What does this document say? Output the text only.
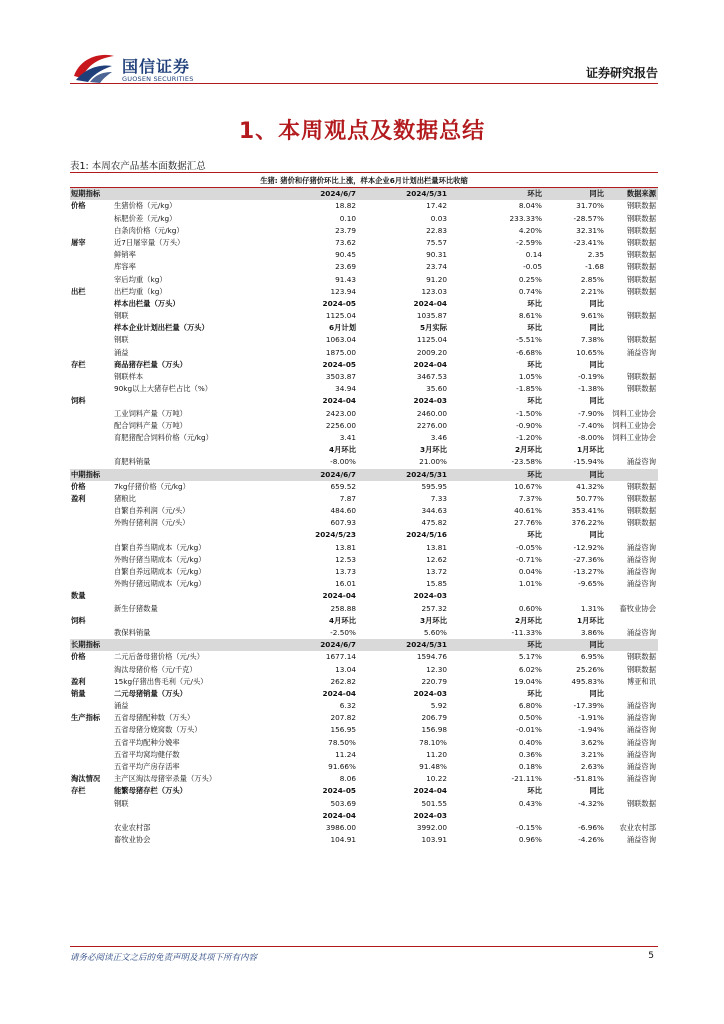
国信证券
GUOSEN SECURITIES	证券研究报告
1、本周观点及数据总结
表1: 本周农产品基本面数据汇总
生猪: 猪价和仔猪价环比上涨，样本企业6月计划出栏量环比收缩
短期指标	2024/6/7	2024/5/31	环比	同比	数据来源
价格	生猪价格（元/kg）	18.82	17.42	8.04%	31.70%	钢联数据
标肥价差（元/kg）	0.10	0.03	233.33%	-28.57%	钢联数据
白条肉价格（元/kg）	23.79	22.83	4.20%	32.31%	钢联数据
屠宰	近7日屠宰量（万头）	73.62	75.57	-2.59%	-23.41%	钢联数据
鲜销率	90.45	90.31	0.14	2.35	钢联数据
库容率	23.69	23.74	-0.05	-1.68	钢联数据
宰后均重（kg）	91.43	91.20	0.25%	2.85%	钢联数据
出栏	出栏均重（kg）	123.94	123.03	0.74%	2.21%	钢联数据
样本出栏量（万头）	2024-05	2024-04	环比	同比
钢联	1125.04	1035.87	8.61%	9.61%	钢联数据
样本企业计划出栏量（万头）	6月计划	5月实际	环比	同比
钢联	1063.04	1125.04	-5.51%	7.38%	钢联数据
涌益	1875.00	2009.20	-6.68%	10.65%	涌益咨询
存栏	商品猪存栏量（万头）	2024-05	2024-04	环比	同比
钢联样本	3503.87	3467.53	1.05%	-0.19%	钢联数据
90kg以上大猪存栏占比（%）	34.94	35.60	-1.85%	-1.38%	钢联数据
饲料	2024-04	2024-03	环比	同比
工业饲料产量（万吨）	2423.00	2460.00	-1.50%	-7.90%	饲料工业协会
配合饲料产量（万吨）	2256.00	2276.00	-0.90%	-7.40%	饲料工业协会
育肥猪配合饲料价格（元/kg）	3.41	3.46	-1.20%	-8.00%	饲料工业协会
4月环比	3月环比	2月环比	1月环比
育肥料销量	-8.00%	21.00%	-23.58%	-15.94%	涌益咨询
中期指标	2024/6/7	2024/5/31	环比	同比
价格	7kg仔猪价格（元/kg）	659.52	595.95	10.67%	41.32%	钢联数据
盈利	猪粮比	7.87	7.33	7.37%	50.77%	钢联数据
自繁自养利润（元/头）	484.60	344.63	40.61%	353.41%	钢联数据
外购仔猪利润（元/头）	607.93	475.82	27.76%	376.22%	钢联数据
2024/5/23	2024/5/16	环比	同比
自繁自养当期成本（元/kg）	13.81	13.81	-0.05%	-12.92%	涌益咨询
外购仔猪当期成本（元/kg）	12.53	12.62	-0.71%	-27.36%	涌益咨询
自繁自养远期成本（元/kg）	13.73	13.72	0.04%	-13.27%	涌益咨询
外购仔猪远期成本（元/kg）	16.01	15.85	1.01%	-9.65%	涌益咨询
数量	2024-04	2024-03
新生仔猪数量	258.88	257.32	0.60%	1.31%	畜牧业协会
饲料	4月环比	3月环比	2月环比	1月环比
教保料销量	-2.50%	5.60%	-11.33%	3.86%	涌益咨询
长期指标	2024/6/7	2024/5/31	环比	同比
价格	二元后备母猪价格（元/头）	1677.14	1594.76	5.17%	6.95%	钢联数据
淘汰母猪价格（元/千克）	13.04	12.30	6.02%	25.26%	钢联数据
盈利	15kg仔猪出售毛利（元/头）	262.82	220.79	19.04%	495.83%	博亚和讯
销量	二元母猪销量（万头）	2024-04	2024-03	环比	同比
涌益	6.32	5.92	6.80%	-17.39%	涌益咨询
生产指标	五省母猪配种数（万头）	207.82	206.79	0.50%	-1.91%	涌益咨询
五省母猪分娩窝数（万头）	156.95	156.98	-0.01%	-1.94%	涌益咨询
五省平均配种分娩率	78.50%	78.10%	0.40%	3.62%	涌益咨询
五省平均窝均健仔数	11.24	11.20	0.36%	3.21%	涌益咨询
五省平均产房存活率	91.66%	91.48%	0.18%	2.63%	涌益咨询
淘汰情况	主产区淘汰母猪宰杀量（万头）	8.06	10.22	-21.11%	-51.81%	涌益咨询
存栏	能繁母猪存栏（万头）	2024-05	2024-04	环比	同比
钢联	503.69	501.55	0.43%	-4.32%	钢联数据
2024-04	2024-03
农业农村部	3986.00	3992.00	-0.15%	-6.96%	农业农村部
畜牧业协会	104.91	103.91	0.96%	-4.26%	涌益咨询
请务必阅读正文之后的免责声明及其项下所有内容	5
